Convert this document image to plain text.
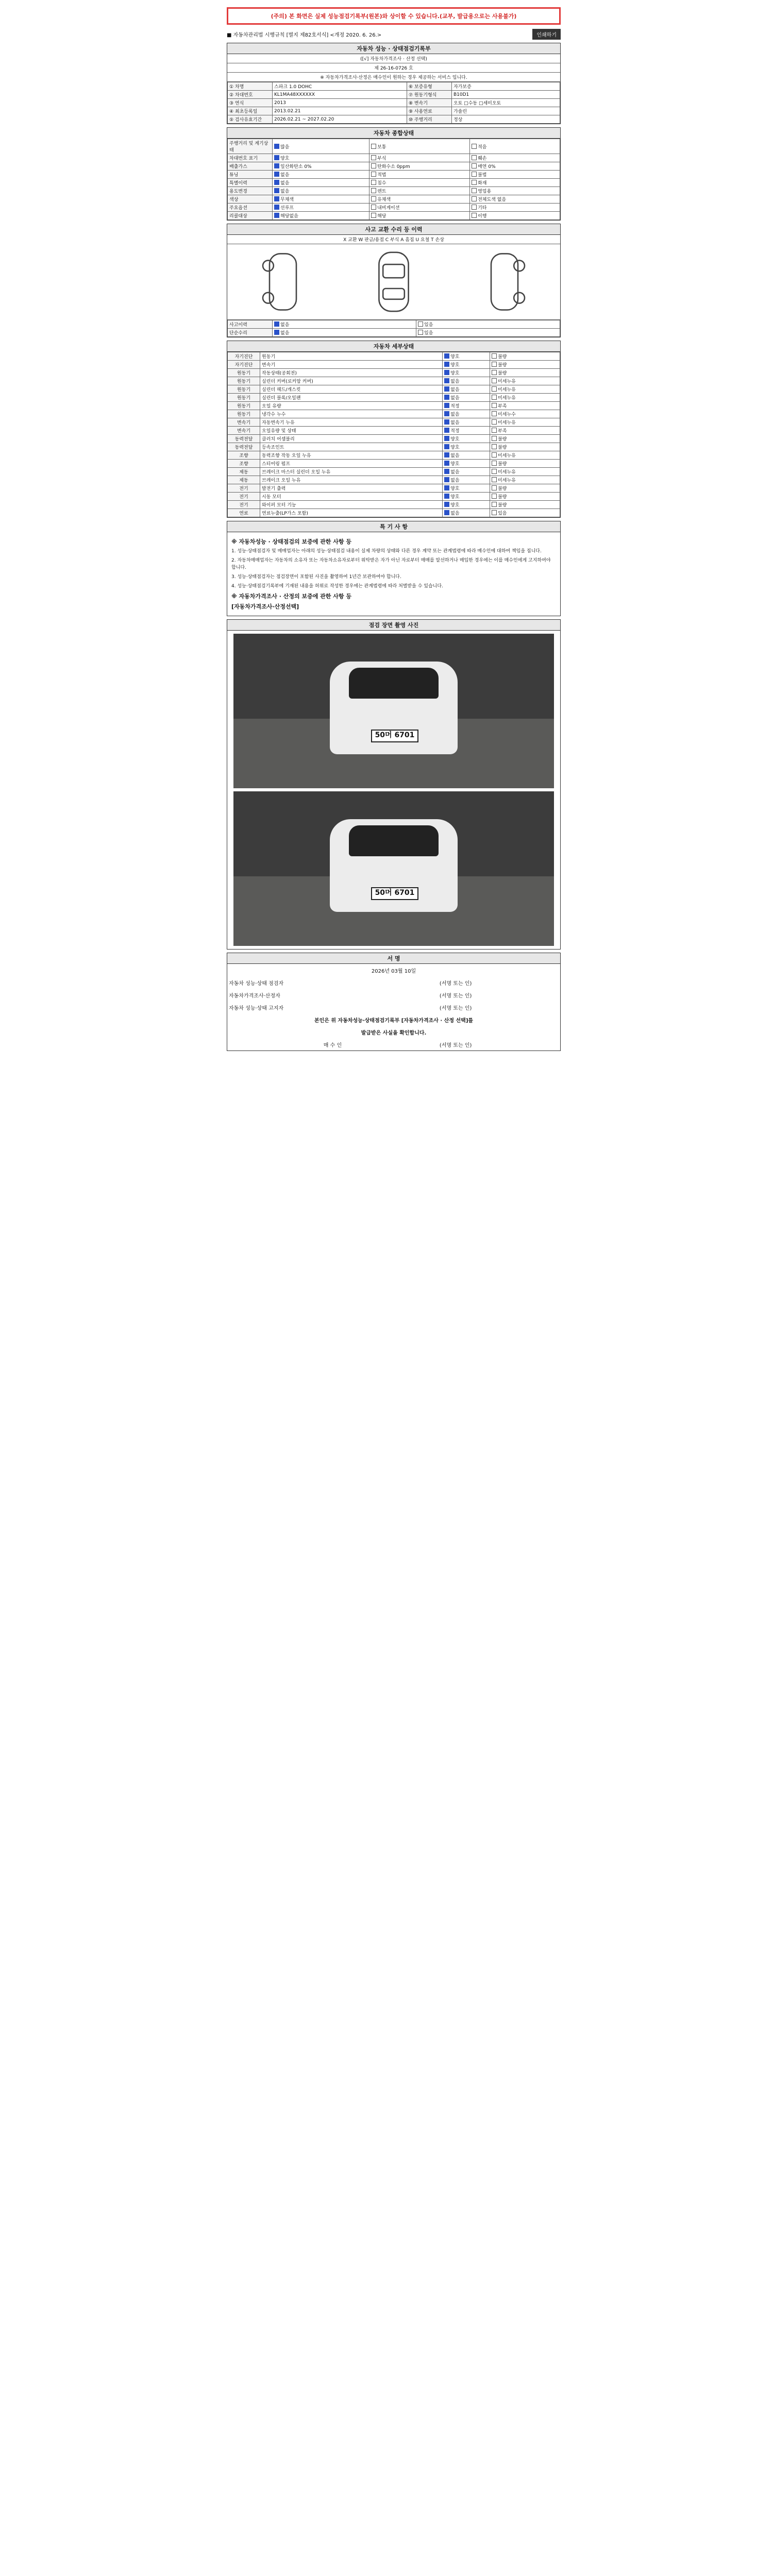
(주의) 본 화면은 실제 성능점검기록부(원본)와 상이할 수 있습니다.(교부, 발급용으로는 사용불가)
■ 자동차관리법 시행규칙 [별지 제82호서식] <개정 2020. 6. 26.>	인쇄하기
자동차 성능 · 상태점검기록부
([√] 자동차가격조사 · 산정 선택)
제 26-16-0726 호
※ 자동차가격조사·산정은 매수인이 원하는 경우 제공하는 서비스 입니다.
① 차명	스파크 1.0 DOHC	⑥ 보증유형	자가보증
② 차대번호	KL1MA48XXXXXX	⑦ 원동기형식	B10D1
③ 연식	2013	⑧ 변속기	오토 □수동 □세미오토
④ 최초등록일	2013.02.21	⑨ 사용연료	가솔린
⑤ 검사유효기간	2026.02.21 ~ 2027.02.20	⑩ 주행거리	정상
자동차 종합상태
주행거리 및 계기상태	많음	보통	적음
차대번호 표기	양호	부식	훼손
배출가스	일산화탄소 0%	탄화수소 0ppm	매연 0%
튜닝	없음	적법	불법
특별이력	없음	침수	화재
용도변경	없음	렌트	영업용
색상	무채색	유채색	전체도색 없음
주요옵션	선루프	내비게이션	기타
리콜대상	해당없음	해당	이행
사고 교환 수리 등 이력
X 교환 W 판금/용접 C 부식 A 흠집 U 요철 T 손상
사고이력	없음	있음
단순수리	없음	있음
자동차 세부상태
자기진단	원동기	양호	불량
자기진단	변속기	양호	불량
원동기	작동상태(공회전)	양호	불량
원동기	실린더 커버(로커암 커버)	없음	미세누유
원동기	실린더 헤드/개스킷	없음	미세누유
원동기	실린더 블록/오일팬	없음	미세누유
원동기	오일 유량	적정	부족
원동기	냉각수 누수	없음	미세누수
변속기	자동변속기 누유	없음	미세누유
변속기	오일유량 및 상태	적정	부족
동력전달	클러치 어셈블리	양호	불량
동력전달	등속조인트	양호	불량
조향	동력조향 작동 오일 누유	없음	미세누유
조향	스티어링 펌프	양호	불량
제동	브레이크 마스터 실린더 오일 누유	없음	미세누유
제동	브레이크 오일 누유	없음	미세누유
전기	발전기 출력	양호	불량
전기	시동 모터	양호	불량
전기	와이퍼 모터 기능	양호	불량
연료	연료누출(LP가스 포함)	없음	있음
특 기 사 항
※ 자동차성능 · 상태점검의 보증에 관한 사항 등

1. 성능·상태점검자 및 매매업자는 아래의 성능·상태점검 내용이 실제 차량의 상태와 다른 경우 계약 또는 관계법령에 따라 매수인에 대하여 책임을 집니다.

2. 자동차매매업자는 자동차의 소유자 또는 자동차소유자로부터 위탁받은 자가 아닌 자로부터 매매를 알선하거나 매입한 경우에는 이를 매수인에게 고지하여야 합니다.

3. 성능·상태점검자는 점검장면이 포함된 사진을 촬영하여 1년간 보관하여야 합니다.

4. 성능·상태점검기록부에 기재된 내용을 허위로 작성한 경우에는 관계법령에 따라 처벌받을 수 있습니다.

※ 자동차가격조사 · 산정의 보증에 관한 사항 등
[자동차가격조사·산정선택]
점검 장면 촬영 사진
50머 6701
50머 6701
서 명
2026년 03월 10일		
자동차 성능·상태 점검자		(서명 또는 인)
자동차가격조사·산정자		(서명 또는 인)
자동차 성능·상태 고지자		(서명 또는 인)
본인은 위 자동차성능·상태점검기록부 [자동차가격조사 · 산정 선택]를		
발급받은 사실을 확인합니다.		
매 수 인		(서명 또는 인)
